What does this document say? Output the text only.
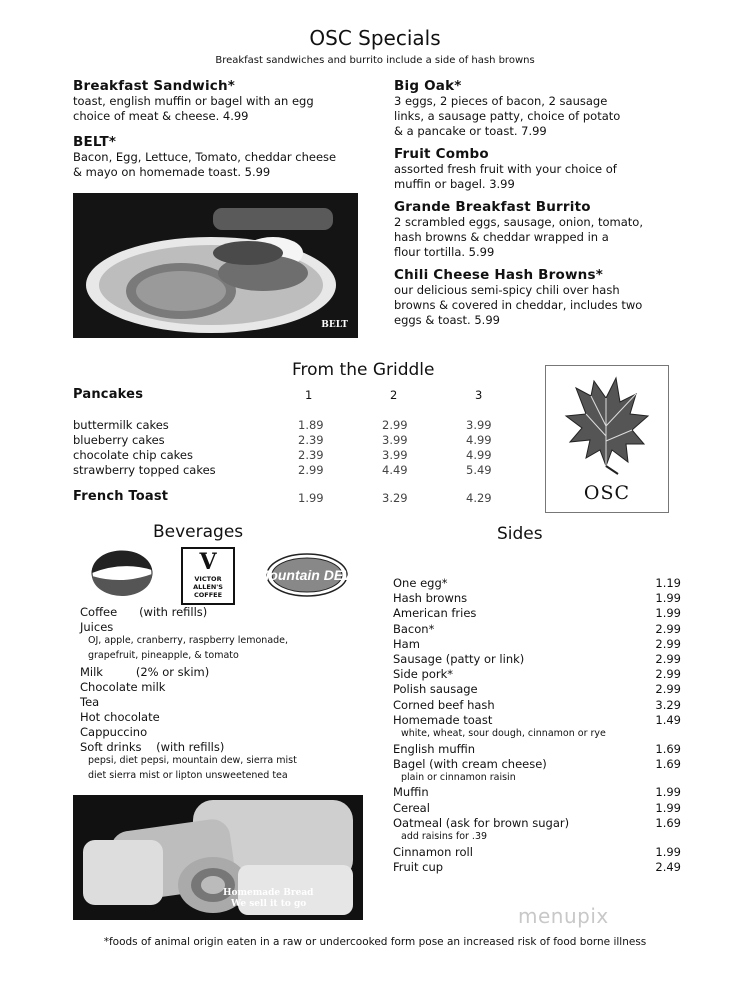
OSC Specials
Breakfast sandwiches and burrito include a side of hash browns
Breakfast Sandwich*
toast, english muffin or bagel with an egg
choice of meat & cheese. 4.99
BELT*
Bacon, Egg, Lettuce, Tomato, cheddar cheese
& mayo on homemade toast. 5.99
BELT
Big Oak*
3 eggs, 2 pieces of bacon, 2 sausage
links, a sausage patty, choice of potato
& a pancake or toast. 7.99
Fruit Combo
assorted fresh fruit with your choice of
muffin or bagel. 3.99
Grande Breakfast Burrito
2 scrambled eggs, sausage, onion, tomato,
hash browns & cheddar wrapped in a
flour tortilla. 5.99
Chili Cheese Hash Browns*
our delicious semi-spicy chili over hash
browns & covered in cheddar, includes two
eggs & toast. 5.99
From the Griddle
Pancakes	1	2	3
buttermilk cakes	1.89	2.99	3.99
blueberry cakes	2.39	3.99	4.99
chocolate chip cakes	2.39	3.99	4.99
strawberry topped cakes	2.99	4.49	5.49
French Toast	1.99	3.29	4.29	OSC
Beverages
V
VICTOR ALLEN'S COFFEE
Mountain DEW
Coffee      (with refills)
Juices
OJ, apple, cranberry, raspberry lemonade,
grapefruit, pineapple, & tomato
Milk         (2% or skim)
Chocolate milk
Tea
Hot chocolate
Cappuccino
Soft drinks    (with refills)
pepsi, diet pepsi, mountain dew, sierra mist
diet sierra mist or lipton unsweetened tea
Homemade Bread
We sell it to go
Sides
One egg*	1.19
Hash browns	1.99
American fries	1.99
Bacon*	2.99
Ham	2.99
Sausage (patty or link)	2.99
Side pork*	2.99
Polish sausage	2.99
Corned beef hash	3.29
Homemade toast	1.49
white, wheat, sour dough, cinnamon or rye
English muffin	1.69
Bagel (with cream cheese)	1.69
plain or cinnamon raisin
Muffin	1.99
Cereal	1.99
Oatmeal (ask for brown sugar)	1.69
add raisins for .39
Cinnamon roll	1.99
Fruit cup	2.49
menupix
*foods of animal origin eaten in a raw or undercooked form pose an increased risk of food borne illness
